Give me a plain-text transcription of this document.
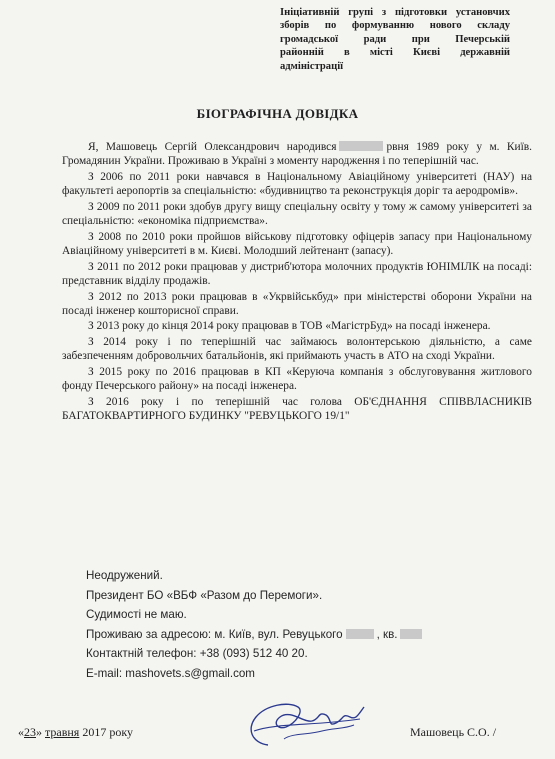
Ініціативній групі з підготовки установчих
зборів по формуванню нового складу
громадської ради при Печерській
районній в місті Києві державній
адміністрації
БІОГРАФІЧНА ДОВІДКА

Я, Машовець Сергій Олександрович народився	рвня 1989 року у м. Київ. Громадянин України. Проживаю в Україні з моменту народження і по теперішній час.

З 2006 по 2011 роки навчався в Національному Авіаційному університеті (НАУ) на факультеті аеропортів за спеціальністю: «будивництво та реконструкція доріг та аеродромів».

З 2009 по 2011 роки здобув другу вищу спеціальну освіту у тому ж самому університеті за спеціальністю: «економіка підприємства».

З 2008 по 2010 роки пройшов військову підготовку офіцерів запасу при Національному Авіаційному університеті в м. Києві. Молодший лейтенант (запасу).

З 2011 по 2012 роки працював у дистриб'ютора молочних продуктів ЮНІМІЛК на посаді: представник відділу продажів.

З 2012 по 2013 роки працював в «Укрвійськбуд» при міністерстві оборони України на посаді інженер кошторисної справи.

З 2013 року до кінця 2014 року працював в ТОВ «МагістрБуд» на посаді інженера.

З 2014 року і по теперішній час займаюсь волонтерською діяльністю, а саме забезпеченням добровольчих батальйонів, які приймають участь в АТО на сході України.

З 2015 року по 2016 працював в КП «Керуюча компанія з обслуговування житлового фонду Печерського району» на посаді інженера.

З 2016 року і по теперішній час голова ОБ'ЄДНАННЯ СПІВВЛАСНИКІВ БАГАТОКВАРТИРНОГО БУДИНКУ "РЕВУЦЬКОГО 19/1"

Неодружений.
Президент БО «ВБФ «Разом до Перемоги».
Судимості не маю.
Проживаю за адресою: м. Київ, вул. Ревуцького	, кв.
Контактній телефон: +38 (093) 512 40 20.
E-mail: mashovets.s@gmail.com
«23» травня 2017 року	Машовець С.О. /
